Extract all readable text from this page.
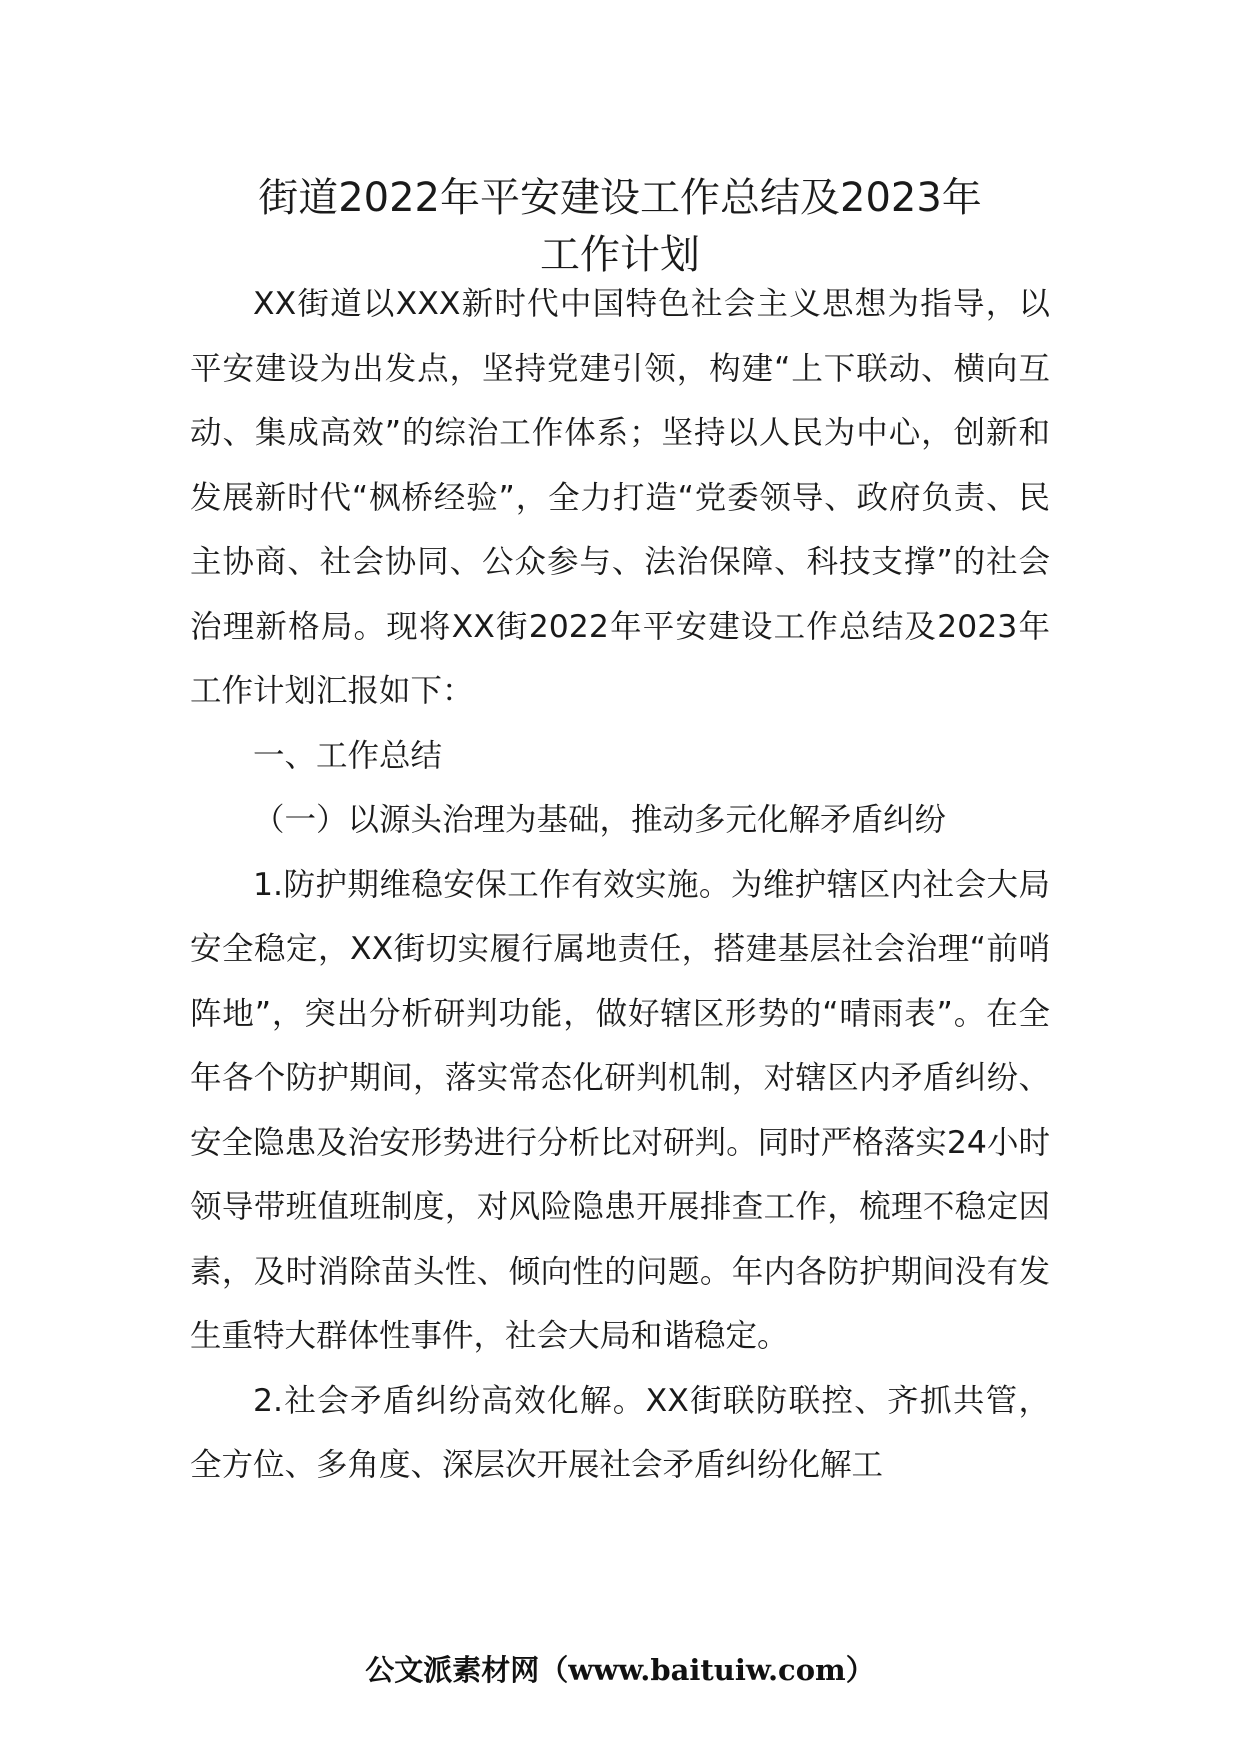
街道2022年平安建设工作总结及2023年
工作计划

XX街道以XXX新时代中国特色社会主义思想为指导，以平安建设为出发点，坚持党建引领，构建“上下联动、横向互动、集成高效”的综治工作体系；坚持以人民为中心，创新和发展新时代“枫桥经验”，全力打造“党委领导、政府负责、民主协商、社会协同、公众参与、法治保障、科技支撑”的社会治理新格局。现将XX街2022年平安建设工作总结及2023年工作计划汇报如下：

一、工作总结

（一）以源头治理为基础，推动多元化解矛盾纠纷

1.防护期维稳安保工作有效实施。为维护辖区内社会大局安全稳定，XX街切实履行属地责任，搭建基层社会治理“前哨阵地”，突出分析研判功能，做好辖区形势的“晴雨表”。在全年各个防护期间，落实常态化研判机制，对辖区内矛盾纠纷、安全隐患及治安形势进行分析比对研判。同时严格落实24小时领导带班值班制度，对风险隐患开展排查工作，梳理不稳定因素，及时消除苗头性、倾向性的问题。年内各防护期间没有发生重特大群体性事件，社会大局和谐稳定。

2.社会矛盾纠纷高效化解。XX街联防联控、齐抓共管，全方位、多角度、深层次开展社会矛盾纠纷化解工

公文派素材网（www.baituiw.com）
